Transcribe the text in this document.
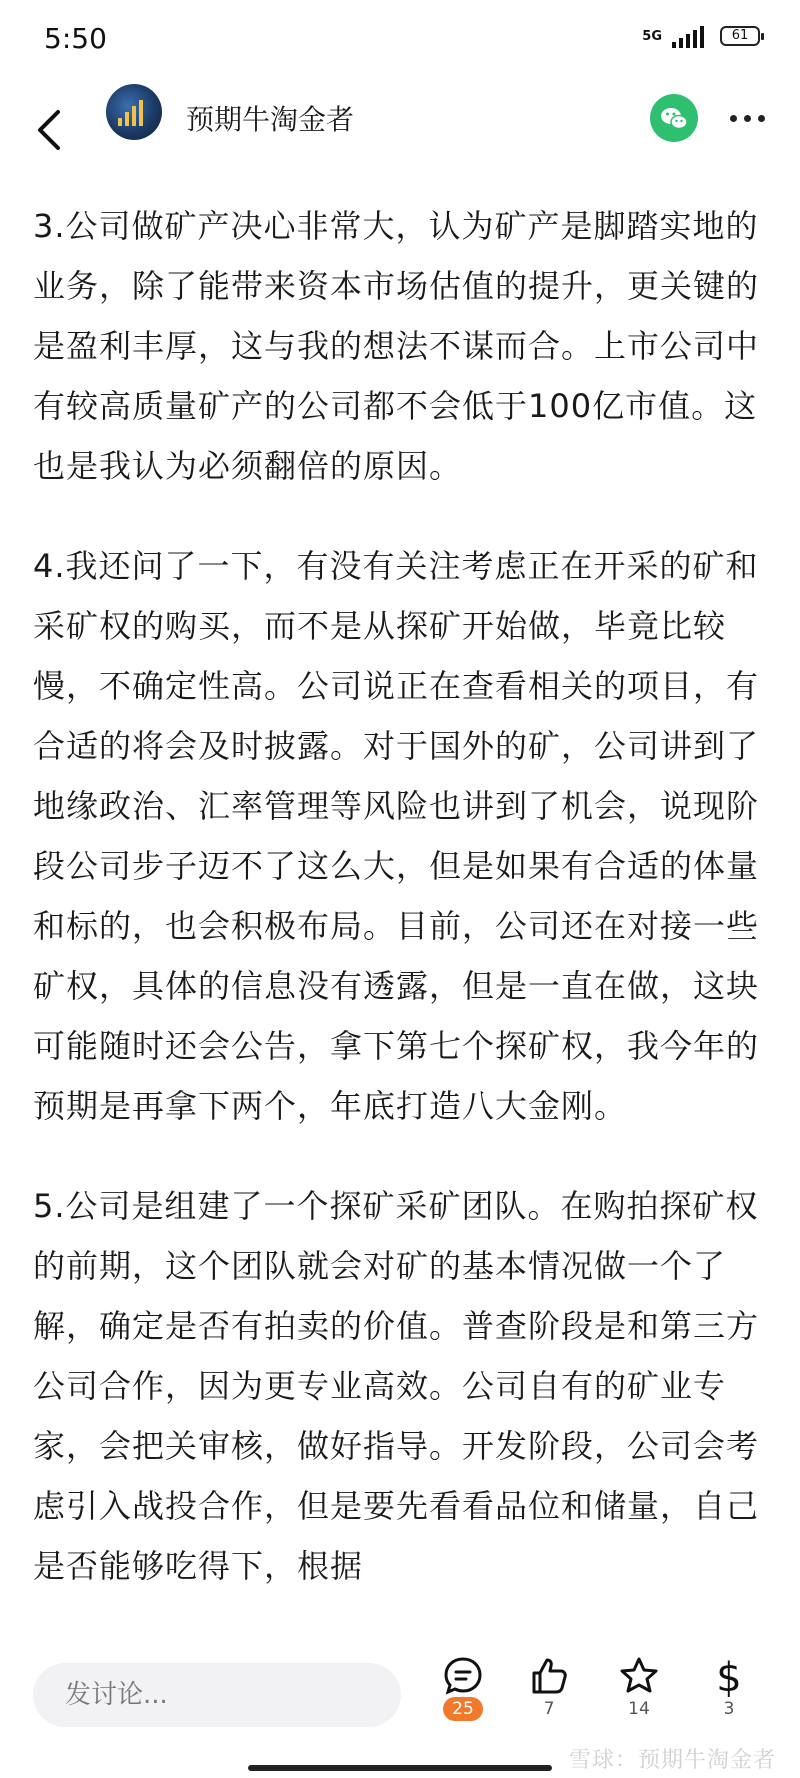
5:50	5G	61
预期牛淘金者

3.公司做矿产决心非常大，认为矿产是脚踏实地的业务，除了能带来资本市场估值的提升，更关键的是盈利丰厚，这与我的想法不谋而合。上市公司中有较高质量矿产的公司都不会低于100亿市值。这也是我认为必须翻倍的原因。

4.我还问了一下，有没有关注考虑正在开采的矿和采矿权的购买，而不是从探矿开始做，毕竟比较慢，不确定性高。公司说正在查看相关的项目，有合适的将会及时披露。对于国外的矿，公司讲到了地缘政治、汇率管理等风险也讲到了机会，说现阶段公司步子迈不了这么大，但是如果有合适的体量和标的，也会积极布局。目前，公司还在对接一些矿权，具体的信息没有透露，但是一直在做，这块可能随时还会公告，拿下第七个探矿权，我今年的预期是再拿下两个，年底打造八大金刚。

5.公司是组建了一个探矿采矿团队。在购拍探矿权的前期，这个团队就会对矿的基本情况做一个了解，确定是否有拍卖的价值。普查阶段是和第三方公司合作，因为更专业高效。公司自有的矿业专家，会把关审核，做好指导。开发阶段，公司会考虑引入战投合作，但是要先看看品位和储量，自己是否能够吃得下，根据

发讨论...	25	7	14
$
3
雪球：预期牛淘金者
